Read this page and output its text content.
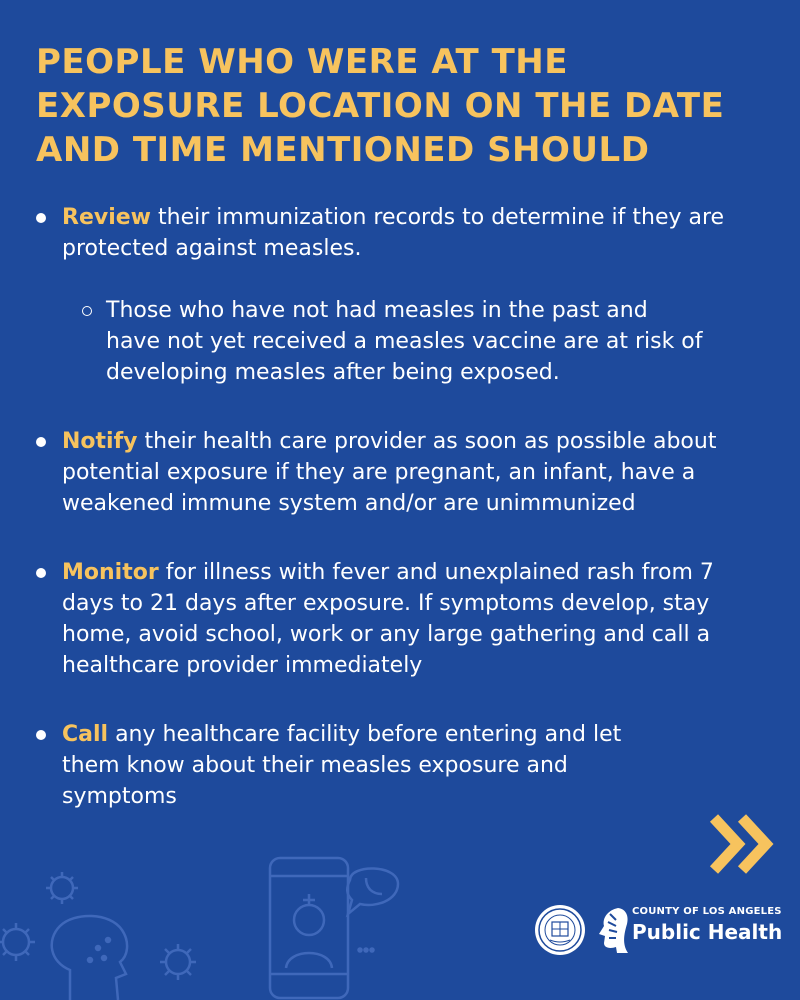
PEOPLE WHO WERE AT THE
EXPOSURE LOCATION ON THE DATE
AND TIME MENTIONED SHOULD
Review their immunization records to determine if they are protected against measles.
Those who have not had measles in the past and have not yet received a measles vaccine are at risk of developing measles after being exposed.
Notify their health care provider as soon as possible about potential exposure if they are pregnant, an infant, have a weakened immune system and/or are unimmunized
Monitor for illness with fever and unexplained rash from 7 days to 21 days after exposure. If symptoms develop, stay home, avoid school, work or any large gathering and call a healthcare provider immediately
Call any healthcare facility before entering and let them know about their measles exposure and symptoms
COUNTY OF LOS ANGELES
Public Health
